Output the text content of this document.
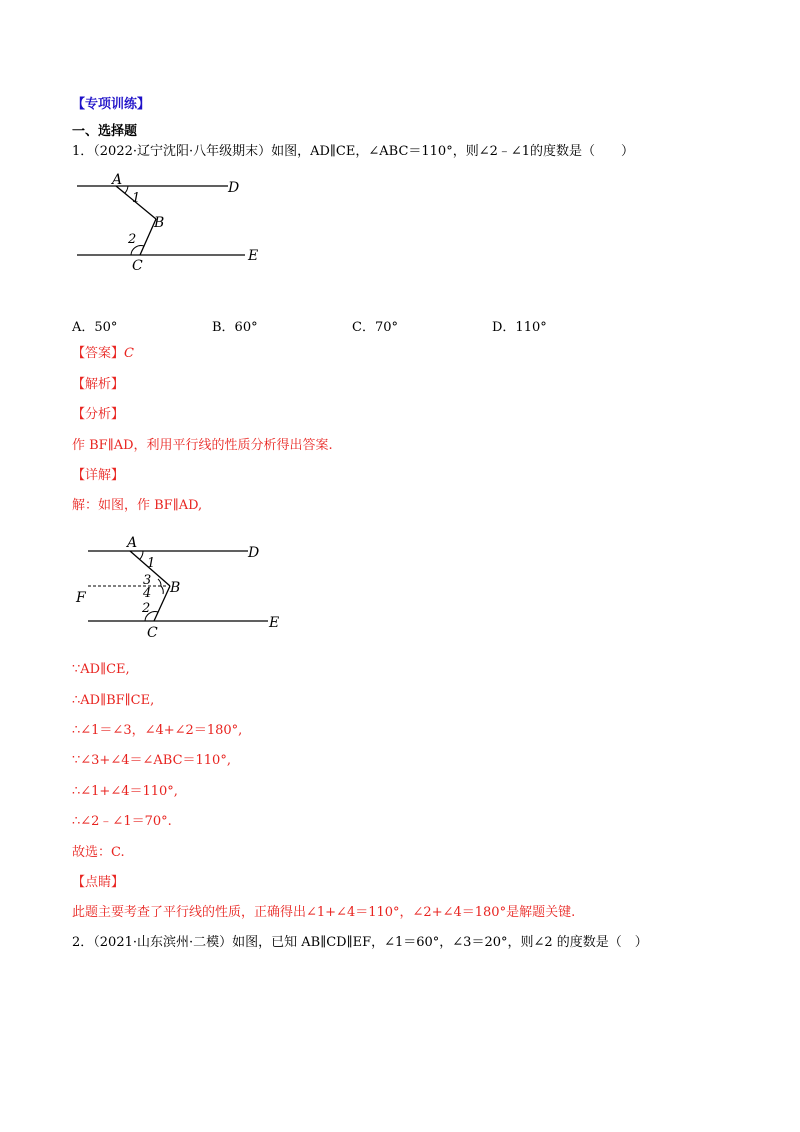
【专项训练】
一、选择题
1．（2022·辽宁沈阳·八年级期末）如图，AD∥CE，∠ABC＝110°，则∠2﹣∠1的度数是（　　）
A
1
D
B
2
C
E
A．50°	B．60°	C．70°	D．110°
【答案】C
【解析】
【分析】
作 BF∥AD，利用平行线的性质分析得出答案.
【详解】
解：如图，作 BF∥AD,
A
1
D
3 B
4
F
2
C
E
∵AD∥CE,
∴AD∥BF∥CE,
∴∠1＝∠3，∠4+∠2＝180°,
∵∠3+∠4＝∠ABC＝110°,
∴∠1+∠4＝110°,
∴∠2﹣∠1＝70°.
故选：C.
【点睛】
此题主要考查了平行线的性质，正确得出∠1+∠4＝110°，∠2+∠4＝180°是解题关键.
2．（2021·山东滨州·二模）如图，已知 AB∥CD∥EF，∠1＝60°，∠3＝20°，则∠2 的度数是（　）
